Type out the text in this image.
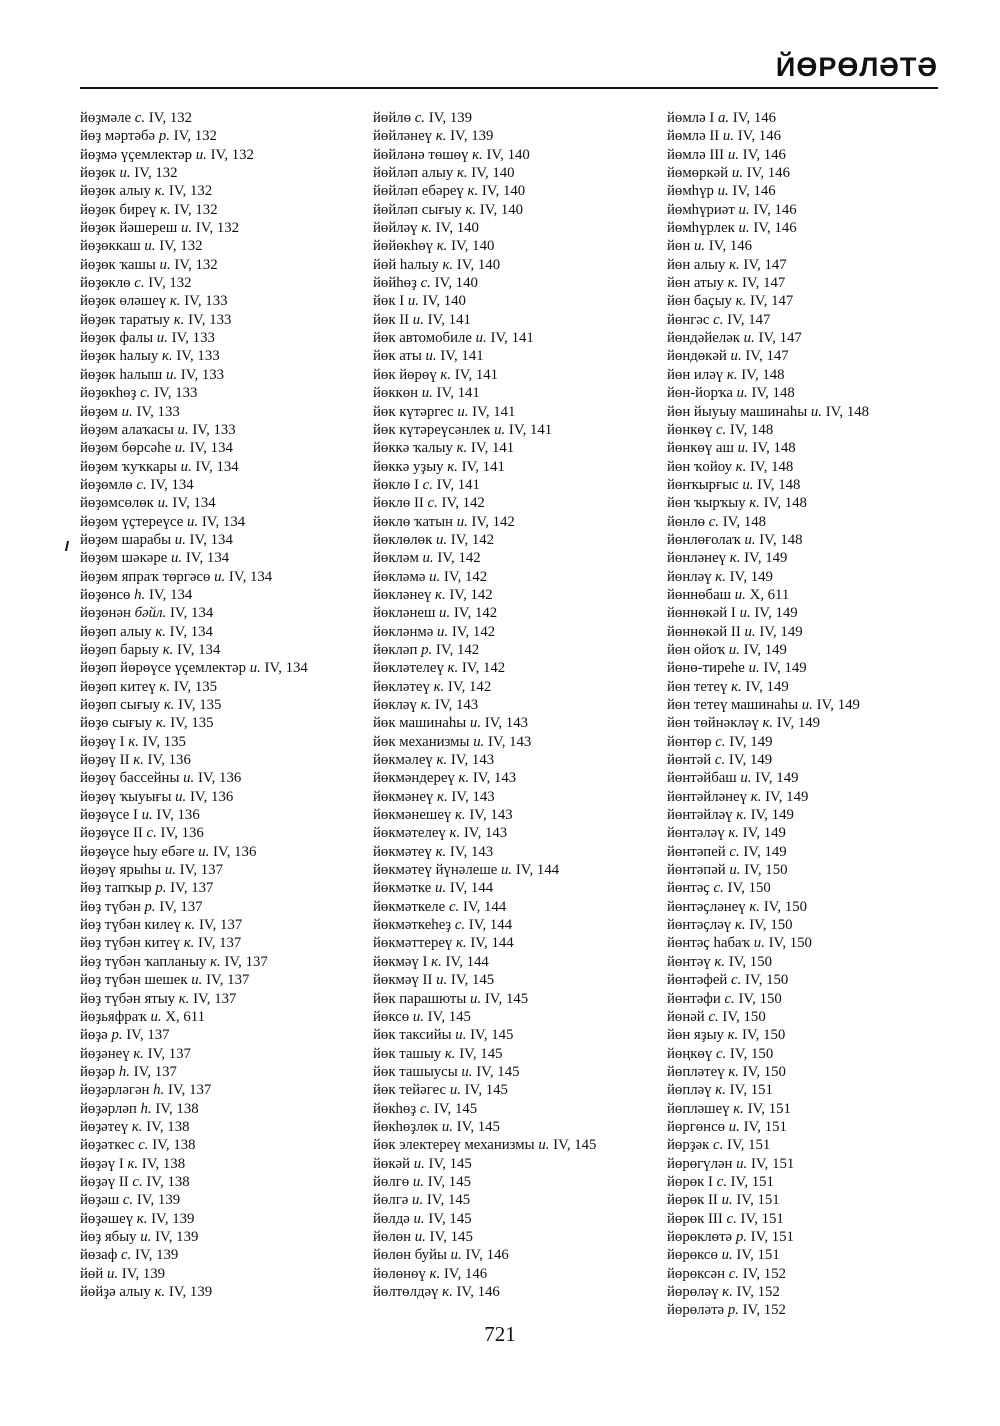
ЙӨРӨЛӘТӘ
йөҙмәле с. IV, 132
йөҙ мәртәбә р. IV, 132
йөҙмә үҫемлектәр и. IV, 132
йөҙөк и. IV, 132
йөҙөк алыу к. IV, 132
йөҙөк биреү к. IV, 132
йөҙөк йәшереш и. IV, 132
йөҙөккаш и. IV, 132
йөҙөк ҡашы и. IV, 132
йөҙөклө с. IV, 132
йөҙөк өләшеү к. IV, 133
йөҙөк таратыу к. IV, 133
йөҙөк фалы и. IV, 133
йөҙөк һалыу к. IV, 133
йөҙөк һалыш и. IV, 133
йөҙөкһөҙ с. IV, 133
йөҙөм и. IV, 133
йөҙөм алаҡасы и. IV, 133
йөҙөм бөрсәһе и. IV, 134
йөҙөм ҡуҡкары и. IV, 134
йөҙөмлө с. IV, 134
йөҙөмсөлөк и. IV, 134
йөҙөм үҫтереүсе и. IV, 134
йөҙөм шарабы и. IV, 134
йөҙөм шәкәре и. IV, 134
йөҙөм япраҡ төргәсө и. IV, 134
йөҙөнсө һ. IV, 134
йөҙөнән бәйл. IV, 134
йөҙөп алыу к. IV, 134
йөҙөп барыу к. IV, 134
йөҙөп йөрөүсе үҫемлектәр и. IV, 134
йөҙөп китеү к. IV, 135
йөҙөп сығыу к. IV, 135
йөҙө сығыу к. IV, 135
йөҙөү I к. IV, 135
йөҙөү II к. IV, 136
йөҙөү бассейны и. IV, 136
йөҙөү ҡыуығы и. IV, 136
йөҙөүсе I и. IV, 136
йөҙөүсе II с. IV, 136
йөҙөүсе һыу ебәге и. IV, 136
йөҙөү ярыһы и. IV, 137
йөҙ тапҡыр р. IV, 137
йөҙ түбән р. IV, 137
йөҙ түбән килеү к. IV, 137
йөҙ түбән китеү к. IV, 137
йөҙ түбән ҡапланыу к. IV, 137
йөҙ түбән шешек и. IV, 137
йөҙ түбән ятыу к. IV, 137
йөҙьяфраҡ и. X, 611
йөҙә р. IV, 137
йөҙәнеү к. IV, 137
йөҙәр һ. IV, 137
йөҙәрләгән һ. IV, 137
йөҙәрләп һ. IV, 138
йөҙәтеү к. IV, 138
йөҙәткес с. IV, 138
йөҙәү I к. IV, 138
йөҙәү II с. IV, 138
йөҙәш с. IV, 139
йөҙәшеү к. IV, 139
йөҙ ябыу и. IV, 139
йөзаф с. IV, 139
йөй и. IV, 139
йөйҙә алыу к. IV, 139
йөйлө с. IV, 139
йөйләнеү к. IV, 139
йөйләнә төшөү к. IV, 140
йөйләп алыу к. IV, 140
йөйләп ебәреү к. IV, 140
йөйләп сығыу к. IV, 140
йөйләү к. IV, 140
йөйөкһөү к. IV, 140
йөй һалыу к. IV, 140
йөйһөҙ с. IV, 140
йөк I и. IV, 140
йөк II и. IV, 141
йөк автомобиле и. IV, 141
йөк аты и. IV, 141
йөк йөрөү к. IV, 141
йөккөн и. IV, 141
йөк күтәргес и. IV, 141
йөк күтәреүсәнлек и. IV, 141
йөккә ҡалыу к. IV, 141
йөккә уҙыу к. IV, 141
йөклө I с. IV, 141
йөклө II с. IV, 142
йөклө ҡатын и. IV, 142
йөклөлөк и. IV, 142
йөкләм и. IV, 142
йөкләмә и. IV, 142
йөкләнеү к. IV, 142
йөкләнеш и. IV, 142
йөкләнмә и. IV, 142
йөкләп р. IV, 142
йөкләтелеү к. IV, 142
йөкләтеү к. IV, 142
йөкләү к. IV, 143
йөк машинаһы и. IV, 143
йөк механизмы и. IV, 143
йөкмәлеү к. IV, 143
йөкмәндереү к. IV, 143
йөкмәнеү к. IV, 143
йөкмәнешеү к. IV, 143
йөкмәтелеү к. IV, 143
йөкмәтеү к. IV, 143
йөкмәтеү йүнәлеше и. IV, 144
йөкмәтке и. IV, 144
йөкмәткеле с. IV, 144
йөкмәткеһеҙ с. IV, 144
йөкмәттереү к. IV, 144
йөкмәү I к. IV, 144
йөкмәү II и. IV, 145
йөк парашюты и. IV, 145
йөксө и. IV, 145
йөк таксийы и. IV, 145
йөк ташыу к. IV, 145
йөк ташыусы и. IV, 145
йөк тейәгес и. IV, 145
йөкһөҙ с. IV, 145
йөкһөҙлөк и. IV, 145
йөк электереү механизмы и. IV, 145
йөкәй и. IV, 145
йөлгө и. IV, 145
йөлгә и. IV, 145
йөлдә и. IV, 145
йөлөн и. IV, 145
йөлөн буйы и. IV, 146
йөлөнөү к. IV, 146
йөлтөлдәү к. IV, 146
йөмлә I а. IV, 146
йөмлә II и. IV, 146
йөмлә III и. IV, 146
йөмөркәй и. IV, 146
йөмһүр и. IV, 146
йөмһүриәт и. IV, 146
йөмһүрлек и. IV, 146
йөн и. IV, 146
йөн алыу к. IV, 147
йөн атыу к. IV, 147
йөн баҫыу к. IV, 147
йөнгәс с. IV, 147
йөндәйеләк и. IV, 147
йөндөкәй и. IV, 147
йөн иләү к. IV, 148
йөн-йорҡа и. IV, 148
йөн йыуыу машинаһы и. IV, 148
йөнкөү с. IV, 148
йөнкөү аш и. IV, 148
йөн ҡойоу к. IV, 148
йөнҡырғыс и. IV, 148
йөн ҡырҡыу к. IV, 148
йөнлө с. IV, 148
йөнлөғолаҡ и. IV, 148
йөнләнеү к. IV, 149
йөнләү к. IV, 149
йөннөбаш и. X, 611
йөннөкәй I и. IV, 149
йөннөкәй II и. IV, 149
йөн ойоҡ и. IV, 149
йөнө-тиреһе и. IV, 149
йөн тетеү к. IV, 149
йөн тетеү машинаһы и. IV, 149
йөн төйнәкләү к. IV, 149
йөнтөр с. IV, 149
йөнтәй с. IV, 149
йөнтәйбаш и. IV, 149
йөнтәйләнеү к. IV, 149
йөнтәйләү к. IV, 149
йөнтәләү к. IV, 149
йөнтәпей с. IV, 149
йөнтәпәй и. IV, 150
йөнтәҫ с. IV, 150
йөнтәҫләнеү к. IV, 150
йөнтәҫләү к. IV, 150
йөнтәҫ һабаҡ и. IV, 150
йөнтәү к. IV, 150
йөнтәфей с. IV, 150
йөнтәфи с. IV, 150
йөнәй с. IV, 150
йөн яҙыу к. IV, 150
йөңкөү с. IV, 150
йөпләтеү к. IV, 150
йөпләү к. IV, 151
йөпләшеү к. IV, 151
йөргөнсө и. IV, 151
йөрҙәк с. IV, 151
йөрөгүлән и. IV, 151
йөрөк I с. IV, 151
йөрөк II и. IV, 151
йөрөк III с. IV, 151
йөрөклөтә р. IV, 151
йөрөксө и. IV, 151
йөрөксән с. IV, 152
йөрөләү к. IV, 152
йөрөләтә р. IV, 152
721
